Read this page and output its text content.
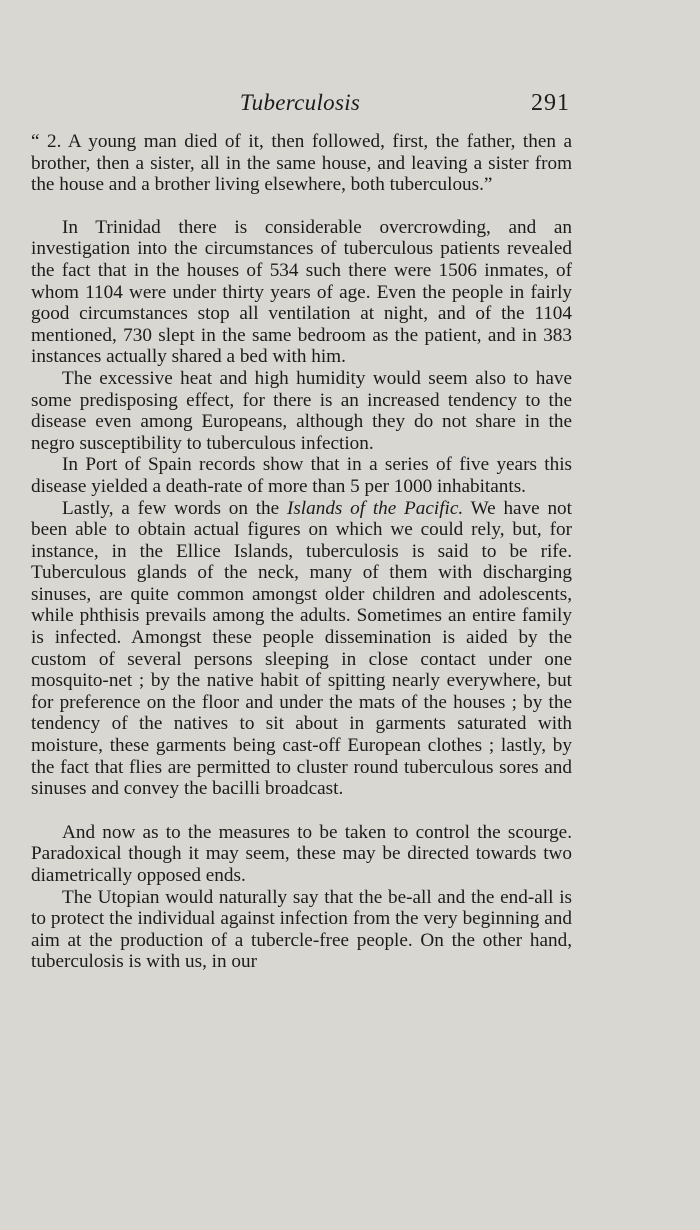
Tuberculosis	291

“ 2. A young man died of it, then followed, first, the father, then a brother, then a sister, all in the same house, and leaving a sister from the house and a brother living elsewhere, both tuberculous.”

In Trinidad there is considerable overcrowding, and an investigation into the circumstances of tuberculous patients revealed the fact that in the houses of 534 such there were 1506 inmates, of whom 1104 were under thirty years of age. Even the people in fairly good circumstances stop all ventilation at night, and of the 1104 mentioned, 730 slept in the same bedroom as the patient, and in 383 instances actually shared a bed with him.

The excessive heat and high humidity would seem also to have some predisposing effect, for there is an increased tendency to the disease even among Europeans, although they do not share in the negro susceptibility to tuberculous infection.

In Port of Spain records show that in a series of five years this disease yielded a death-rate of more than 5 per 1000 inhabitants.

Lastly, a few words on the Islands of the Pacific. We have not been able to obtain actual figures on which we could rely, but, for instance, in the Ellice Islands, tuberculosis is said to be rife. Tuberculous glands of the neck, many of them with discharging sinuses, are quite common amongst older children and adolescents, while phthisis prevails among the adults. Sometimes an entire family is infected. Amongst these people dissemination is aided by the custom of several persons sleeping in close contact under one mosquito-net ; by the native habit of spitting nearly everywhere, but for preference on the floor and under the mats of the houses ; by the tendency of the natives to sit about in garments saturated with moisture, these garments being cast-off European clothes ; lastly, by the fact that flies are permitted to cluster round tuberculous sores and sinuses and convey the bacilli broadcast.

And now as to the measures to be taken to control the scourge. Paradoxical though it may seem, these may be directed towards two diametrically opposed ends.

The Utopian would naturally say that the be-all and the end-all is to protect the individual against infection from the very beginning and aim at the production of a tubercle-free people. On the other hand, tuberculosis is with us, in our
